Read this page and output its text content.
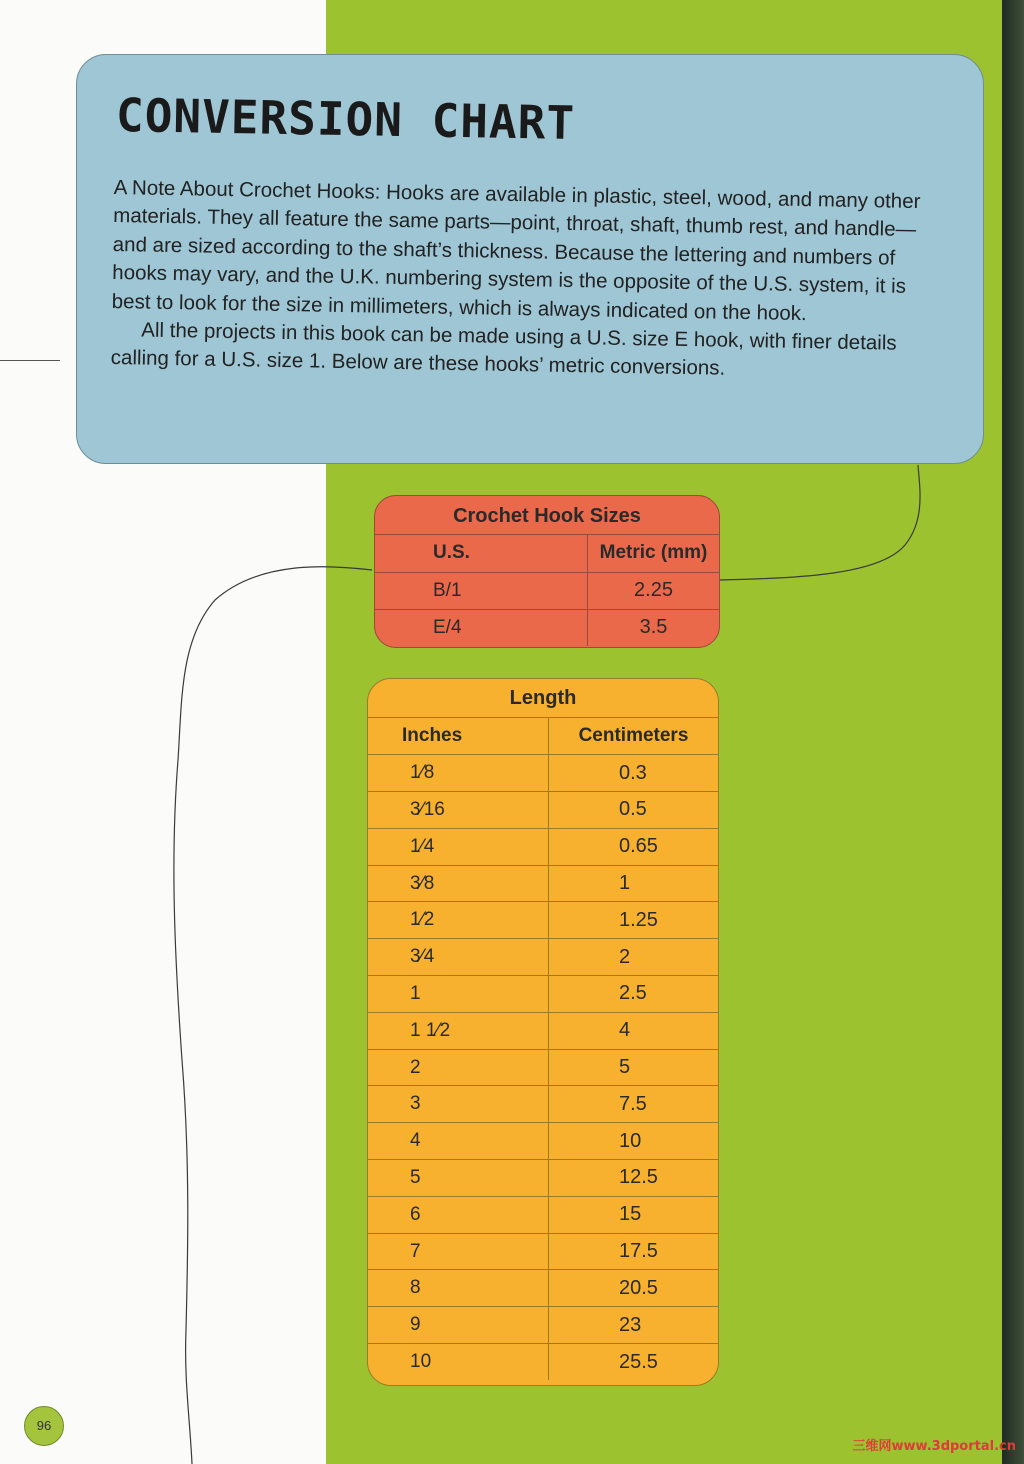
CONVERSION CHART

A Note About Crochet Hooks: Hooks are available in plastic, steel, wood, and many other materials. They all feature the same parts—point, throat, shaft, thumb rest, and handle—and are sized according to the shaft’s thickness. Because the lettering and numbers of hooks may vary, and the U.K. numbering system is the opposite of the U.S. system, it is best to look for the size in millimeters, which is always indicated on the hook.

All the projects in this book can be made using a U.S. size E hook, with finer details calling for a U.S. size 1. Below are these hooks’ metric conversions.

Crochet Hook Sizes
U.S.	Metric (mm)
B/1	2.25
E/4	3.5
Length
Inches	Centimeters
1⁄8	0.3
3⁄16	0.5
1⁄4	0.65
3⁄8	1
1⁄2	1.25
3⁄4	2
1	2.5
1 1⁄2	4
2	5
3	7.5
4	10
5	12.5
6	15
7	17.5
8	20.5
9	23
10	25.5
96
三维网www.3dportal.cn
